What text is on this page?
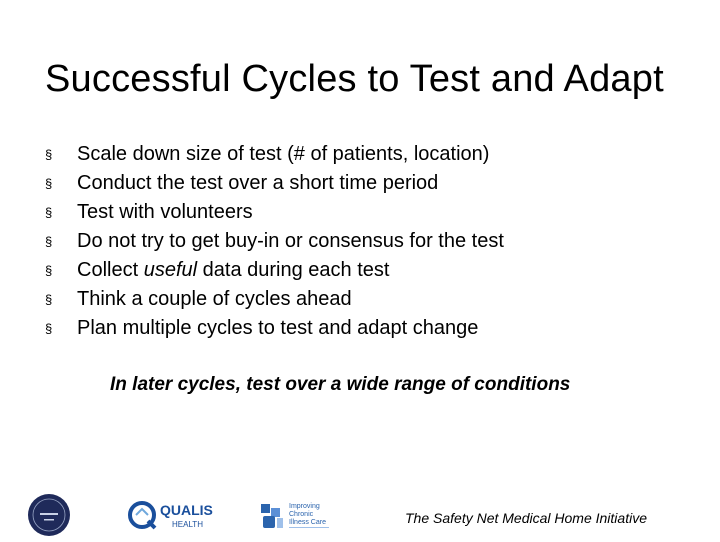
Successful Cycles to Test and Adapt
§	Scale down size of test (# of patients, location)
§	Conduct the test over a short time period
§	Test with volunteers
§	Do not try to get buy-in or consensus for the test
§	Collect useful data during each test
§	Think a couple of cycles ahead
§	Plan multiple cycles to test and adapt change
In later cycles, test over a wide range of conditions
QUALIS
HEALTH
Improving
Chronic
Illness Care	The Safety Net Medical Home Initiative
